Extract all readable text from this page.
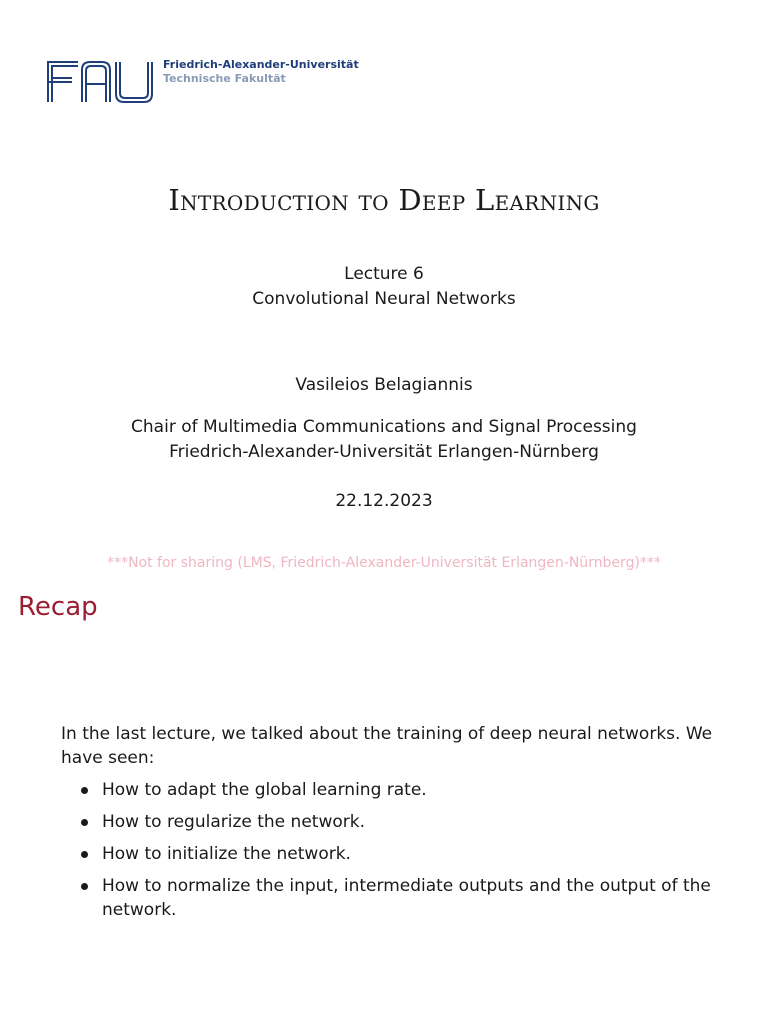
Friedrich-Alexander-Universität
Technische Fakultät
Introduction to Deep Learning
Lecture 6
Convolutional Neural Networks
Vasileios Belagiannis
Chair of Multimedia Communications and Signal Processing
Friedrich-Alexander-Universität Erlangen-Nürnberg
22.12.2023
***Not for sharing (LMS, Friedrich-Alexander-Universität Erlangen-Nürnberg)***
Recap
In the last lecture, we talked about the training of deep neural networks. We have seen:
How to adapt the global learning rate.
How to regularize the network.
How to initialize the network.
How to normalize the input, intermediate outputs and the output of the network.
